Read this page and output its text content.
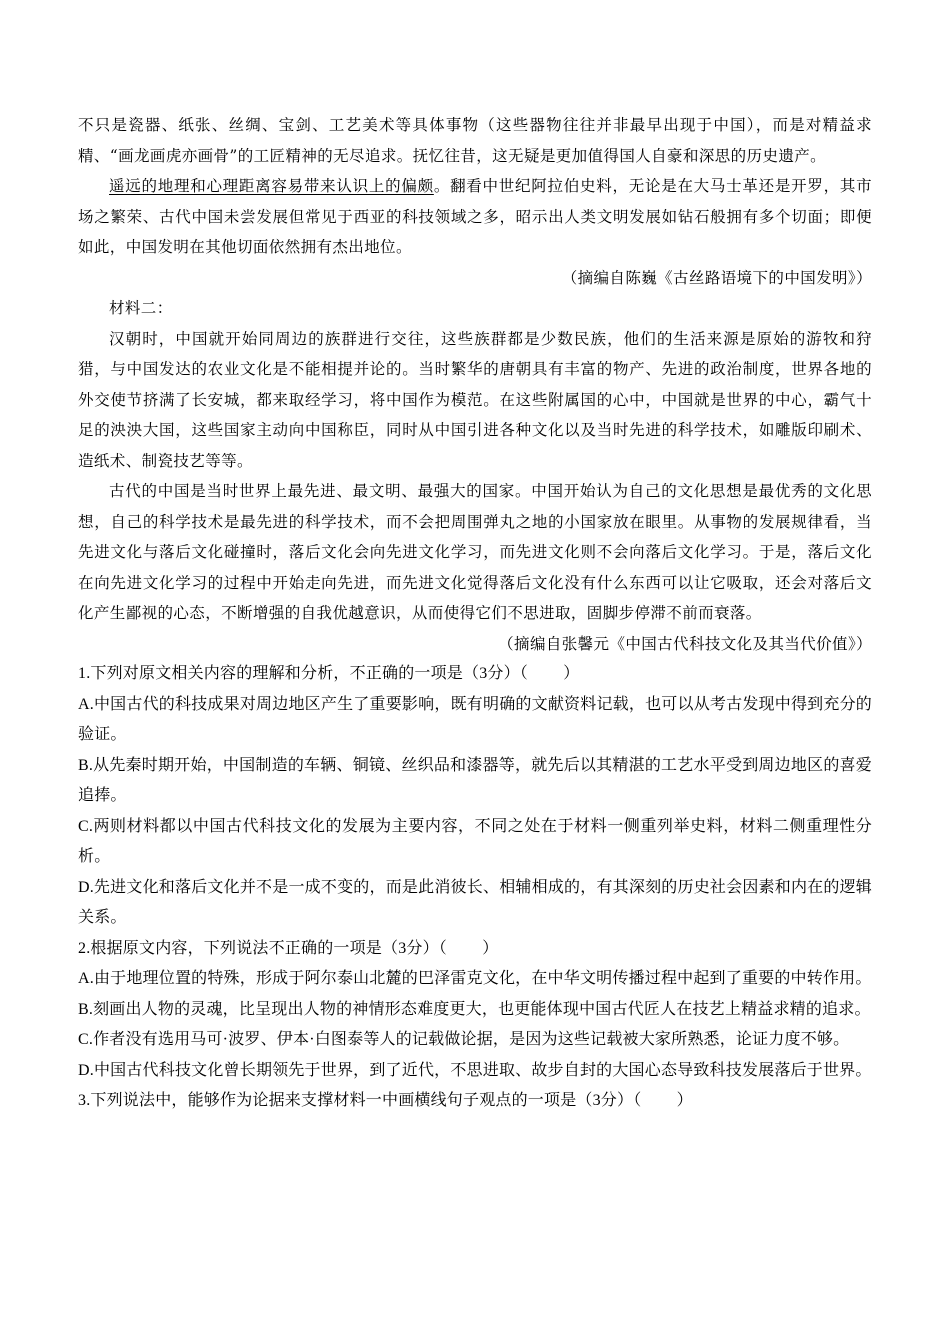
不只是瓷器、纸张、丝绸、宝剑、工艺美术等具体事物（这些器物往往并非最早出现于中国），而是对精益求精、“画龙画虎亦画骨”的工匠精神的无尽追求。抚忆往昔，这无疑是更加值得国人自豪和深思的历史遗产。

遥远的地理和心理距离容易带来认识上的偏颇。翻看中世纪阿拉伯史料，无论是在大马士革还是开罗，其市场之繁荣、古代中国未尝发展但常见于西亚的科技领域之多，昭示出人类文明发展如钻石般拥有多个切面；即便如此，中国发明在其他切面依然拥有杰出地位。

（摘编自陈巍《古丝路语境下的中国发明》）

材料二：

汉朝时，中国就开始同周边的族群进行交往，这些族群都是少数民族，他们的生活来源是原始的游牧和狩猎，与中国发达的农业文化是不能相提并论的。当时繁华的唐朝具有丰富的物产、先进的政治制度，世界各地的外交使节挤满了长安城，都来取经学习，将中国作为模范。在这些附属国的心中，中国就是世界的中心，霸气十足的泱泱大国，这些国家主动向中国称臣，同时从中国引进各种文化以及当时先进的科学技术，如雕版印刷术、造纸术、制瓷技艺等等。

古代的中国是当时世界上最先进、最文明、最强大的国家。中国开始认为自己的文化思想是最优秀的文化思想，自己的科学技术是最先进的科学技术，而不会把周围弹丸之地的小国家放在眼里。从事物的发展规律看，当先进文化与落后文化碰撞时，落后文化会向先进文化学习，而先进文化则不会向落后文化学习。于是，落后文化在向先进文化学习的过程中开始走向先进，而先进文化觉得落后文化没有什么东西可以让它吸取，还会对落后文化产生鄙视的心态，不断增强的自我优越意识，从而使得它们不思进取，固脚步停滞不前而衰落。

（摘编自张馨元《中国古代科技文化及其当代价值》）

1.下列对原文相关内容的理解和分析，不正确的一项是（3分）（ ）

A.中国古代的科技成果对周边地区产生了重要影响，既有明确的文献资料记载，也可以从考古发现中得到充分的验证。

B.从先秦时期开始，中国制造的车辆、铜镜、丝织品和漆器等，就先后以其精湛的工艺水平受到周边地区的喜爱追捧。

C.两则材料都以中国古代科技文化的发展为主要内容，不同之处在于材料一侧重列举史料，材料二侧重理性分析。

D.先进文化和落后文化并不是一成不变的，而是此消彼长、相辅相成的，有其深刻的历史社会因素和内在的逻辑关系。

2.根据原文内容，下列说法不正确的一项是（3分）（ ）

A.由于地理位置的特殊，形成于阿尔泰山北麓的巴泽雷克文化，在中华文明传播过程中起到了重要的中转作用。

B.刻画出人物的灵魂，比呈现出人物的神情形态难度更大，也更能体现中国古代匠人在技艺上精益求精的追求。

C.作者没有选用马可·波罗、伊本·白图泰等人的记载做论据，是因为这些记载被大家所熟悉，论证力度不够。

D.中国古代科技文化曾长期领先于世界，到了近代，不思进取、故步自封的大国心态导致科技发展落后于世界。

3.下列说法中，能够作为论据来支撑材料一中画横线句子观点的一项是（3分）（ ）
